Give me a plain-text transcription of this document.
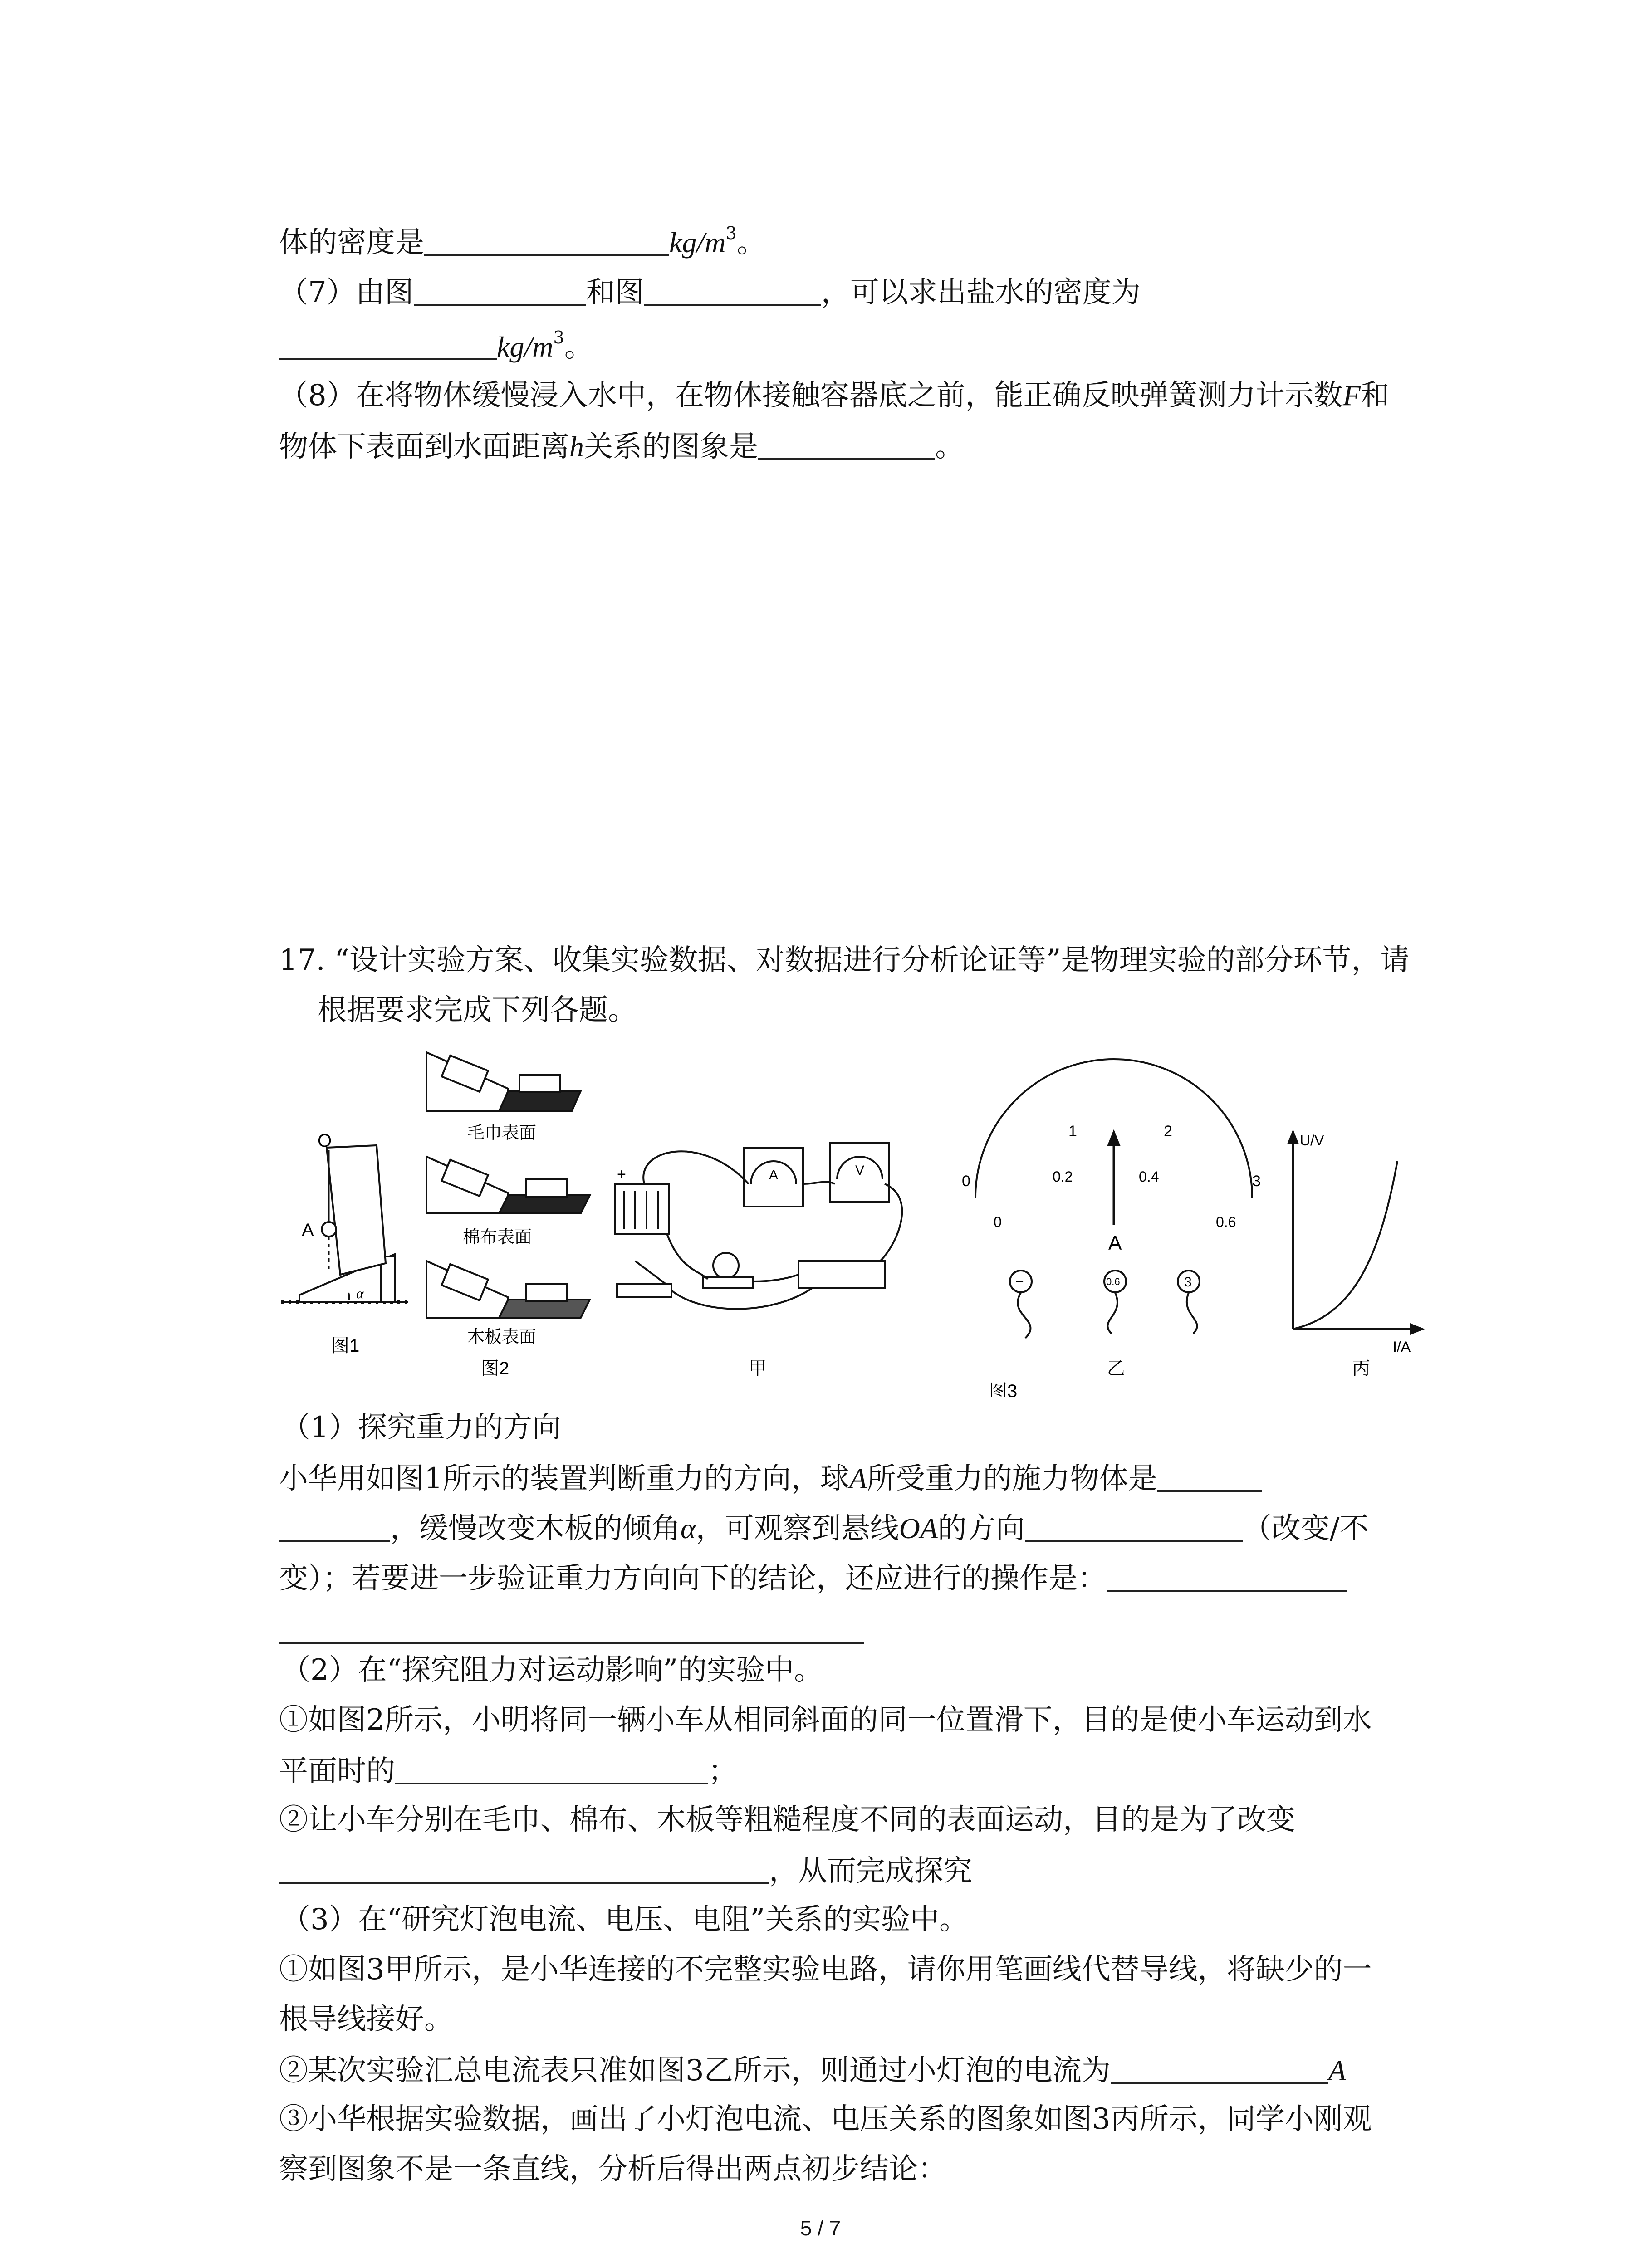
体的密度是	$kg/m^3$。
（7）由图	和图	，可以求出盐水的密度为
$kg/m^3$。
（8）在将物体缓慢浸入水中，在物体接触容器底之前，能正确反映弹簧测力计示数F和
物体下表面到水面距离h关系的图象是	。
17. “设计实验方案、收集实验数据、对数据进行分析论证等”是物理实验的部分环节，请
根据要求完成下列各题。
O
A
α
图1
毛巾表面
棉布表面
木板表面
图2
+	A	V
甲
0
1	2
3
0
0.2	0.4
0.6
A
−	0.6	3
乙
U/V
I/A
丙
图3
（1）探究重力的方向
小华用如图1所示的装置判断重力的方向，球A所受重力的施力物体是
，缓慢改变木板的倾角α，可观察到悬线OA的方向	（改变/不
变）；若要进一步验证重力方向向下的结论，还应进行的操作是：
（2）在“探究阻力对运动影响”的实验中。
①如图2所示，小明将同一辆小车从相同斜面的同一位置滑下，目的是使小车运动到水
平面时的	；
②让小车分别在毛巾、棉布、木板等粗糙程度不同的表面运动，目的是为了改变
，从而完成探究
（3）在“研究灯泡电流、电压、电阻”关系的实验中。
①如图3甲所示，是小华连接的不完整实验电路，请你用笔画线代替导线，将缺少的一
根导线接好。
②某次实验汇总电流表只准如图3乙所示，则通过小灯泡的电流为	A
③小华根据实验数据，画出了小灯泡电流、电压关系的图象如图3丙所示，同学小刚观
察到图象不是一条直线，分析后得出两点初步结论：
5 / 7
